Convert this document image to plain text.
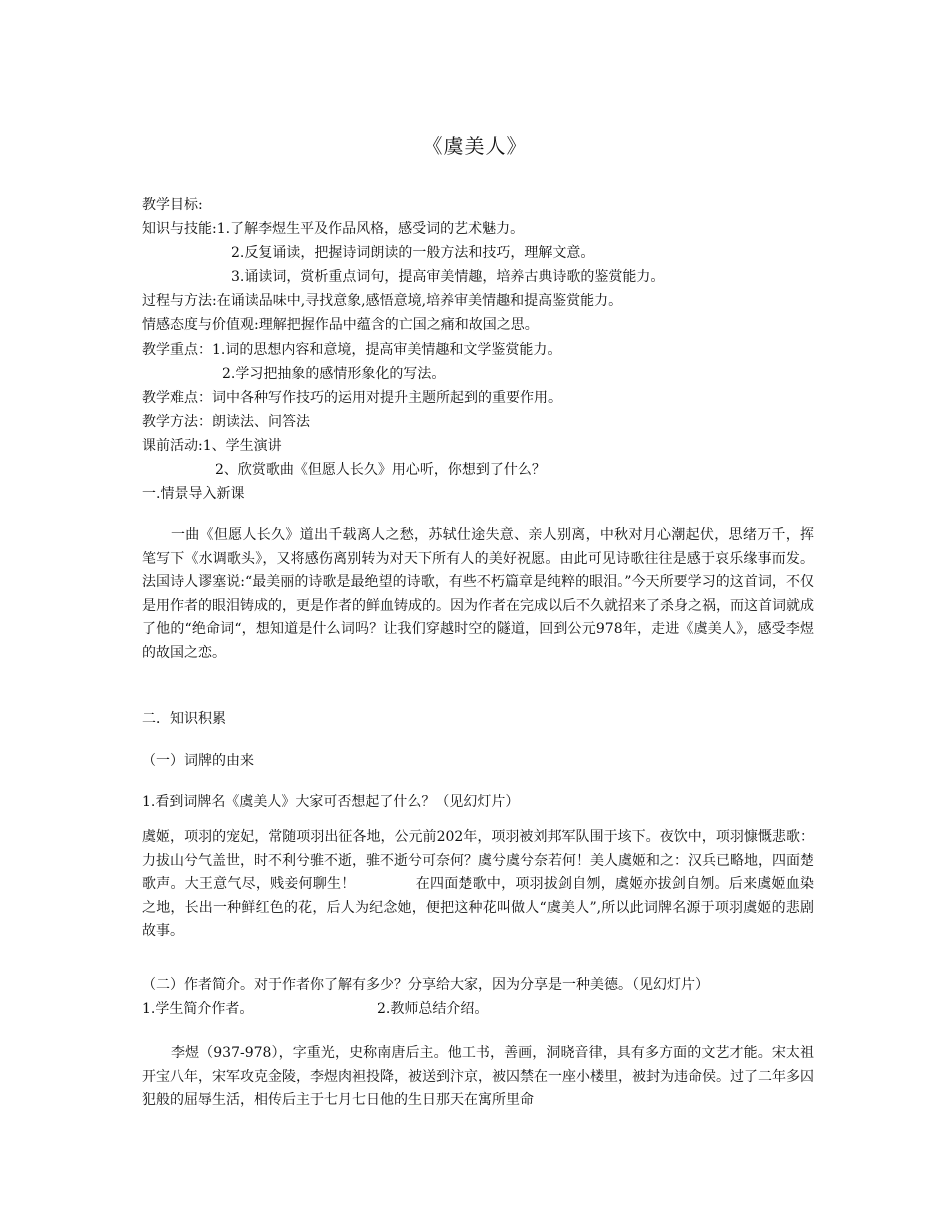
《虞美人》
教学目标:
知识与技能:1.了解李煜生平及作品风格，感受词的艺术魅力。
2.反复诵读，把握诗词朗读的一般方法和技巧，理解文意。
3.诵读词，赏析重点词句，提高审美情趣，培养古典诗歌的鉴赏能力。
过程与方法:在诵读品味中,寻找意象,感悟意境,培养审美情趣和提高鉴赏能力。
情感态度与价值观:理解把握作品中蕴含的亡国之痛和故国之思。
教学重点：1.词的思想内容和意境，提高审美情趣和文学鉴赏能力。
2.学习把抽象的感情形象化的写法。
教学难点：词中各种写作技巧的运用对提升主题所起到的重要作用。
教学方法：朗读法、问答法
课前活动:1、学生演讲
2、欣赏歌曲《但愿人长久》用心听，你想到了什么？
一.情景导入新课
一曲《但愿人长久》道出千载离人之愁，苏轼仕途失意、亲人别离，中秋对月心潮起伏，思绪万千，挥笔写下《水调歌头》，又将感伤离别转为对天下所有人的美好祝愿。由此可见诗歌往往是感于哀乐缘事而发。法国诗人谬塞说:“最美丽的诗歌是最绝望的诗歌，有些不朽篇章是纯粹的眼泪。”今天所要学习的这首词，不仅是用作者的眼泪铸成的，更是作者的鲜血铸成的。因为作者在完成以后不久就招来了杀身之祸，而这首词就成了他的“绝命词“，想知道是什么词吗？让我们穿越时空的隧道，回到公元978年，走进《虞美人》，感受李煜的故国之恋。
二．知识积累
（一）词牌的由来
1.看到词牌名《虞美人》大家可否想起了什么？（见幻灯片）
虞姬，项羽的宠妃，常随项羽出征各地，公元前202年，项羽被刘邦军队围于垓下。夜饮中，项羽慷慨悲歌：力拔山兮气盖世，时不利兮骓不逝，骓不逝兮可奈何？虞兮虞兮奈若何！美人虞姬和之：汉兵已略地，四面楚歌声。大王意气尽，贱妾何聊生！	在四面楚歌中，项羽拔剑自刎，虞姬亦拔剑自刎。后来虞姬血染之地，长出一种鲜红色的花，后人为纪念她，便把这种花叫做人“虞美人”,所以此词牌名源于项羽虞姬的悲剧故事。
（二）作者简介。对于作者你了解有多少？分享给大家，因为分享是一种美德。（见幻灯片）
1.学生简介作者。	2.教师总结介绍。
李煜（937-978），字重光，史称南唐后主。他工书，善画，洞晓音律，具有多方面的文艺才能。宋太祖开宝八年，宋军攻克金陵，李煜肉袒投降，被送到汴京，被囚禁在一座小楼里，被封为违命侯。过了二年多囚犯般的屈辱生活，相传后主于七月七日他的生日那天在寓所里命
